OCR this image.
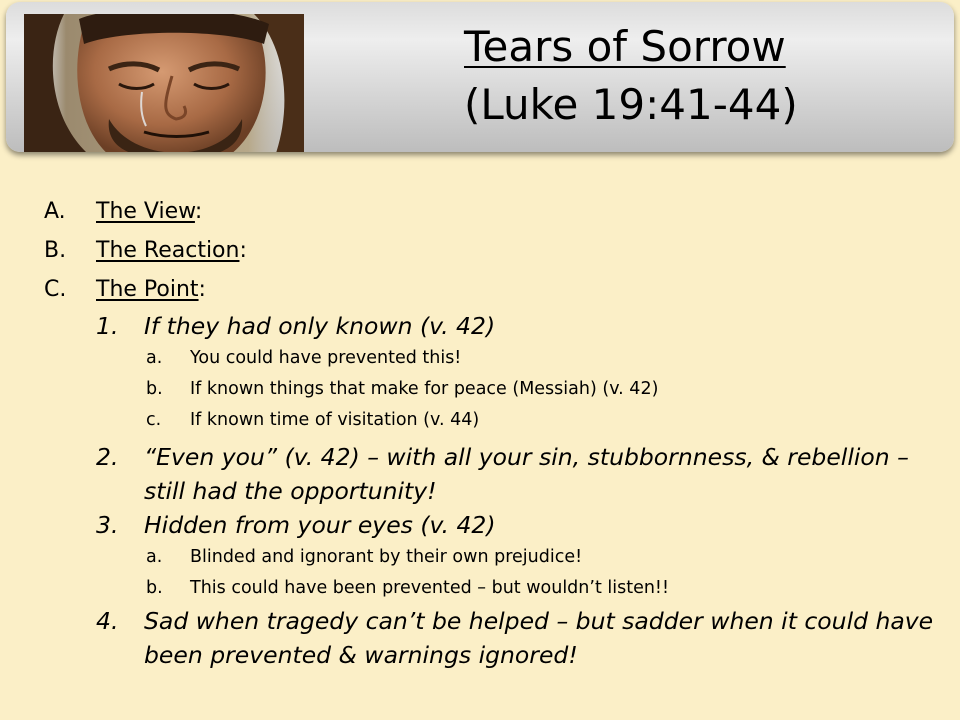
Tears of Sorrow
(Luke 19:41-44)
A. The View:
B. The Reaction:
C. The Point:
1. If they had only known (v. 42)
a. You could have prevented this!
b. If known things that make for peace (Messiah) (v. 42)
c. If known time of visitation (v. 44)
2. “Even you” (v. 42) – with all your sin, stubbornness, & rebellion – still had the opportunity!
3. Hidden from your eyes (v. 42)
a. Blinded and ignorant by their own prejudice!
b. This could have been prevented – but wouldn’t listen!!
4. Sad when tragedy can’t be helped – but sadder when it could have been prevented & warnings ignored!
